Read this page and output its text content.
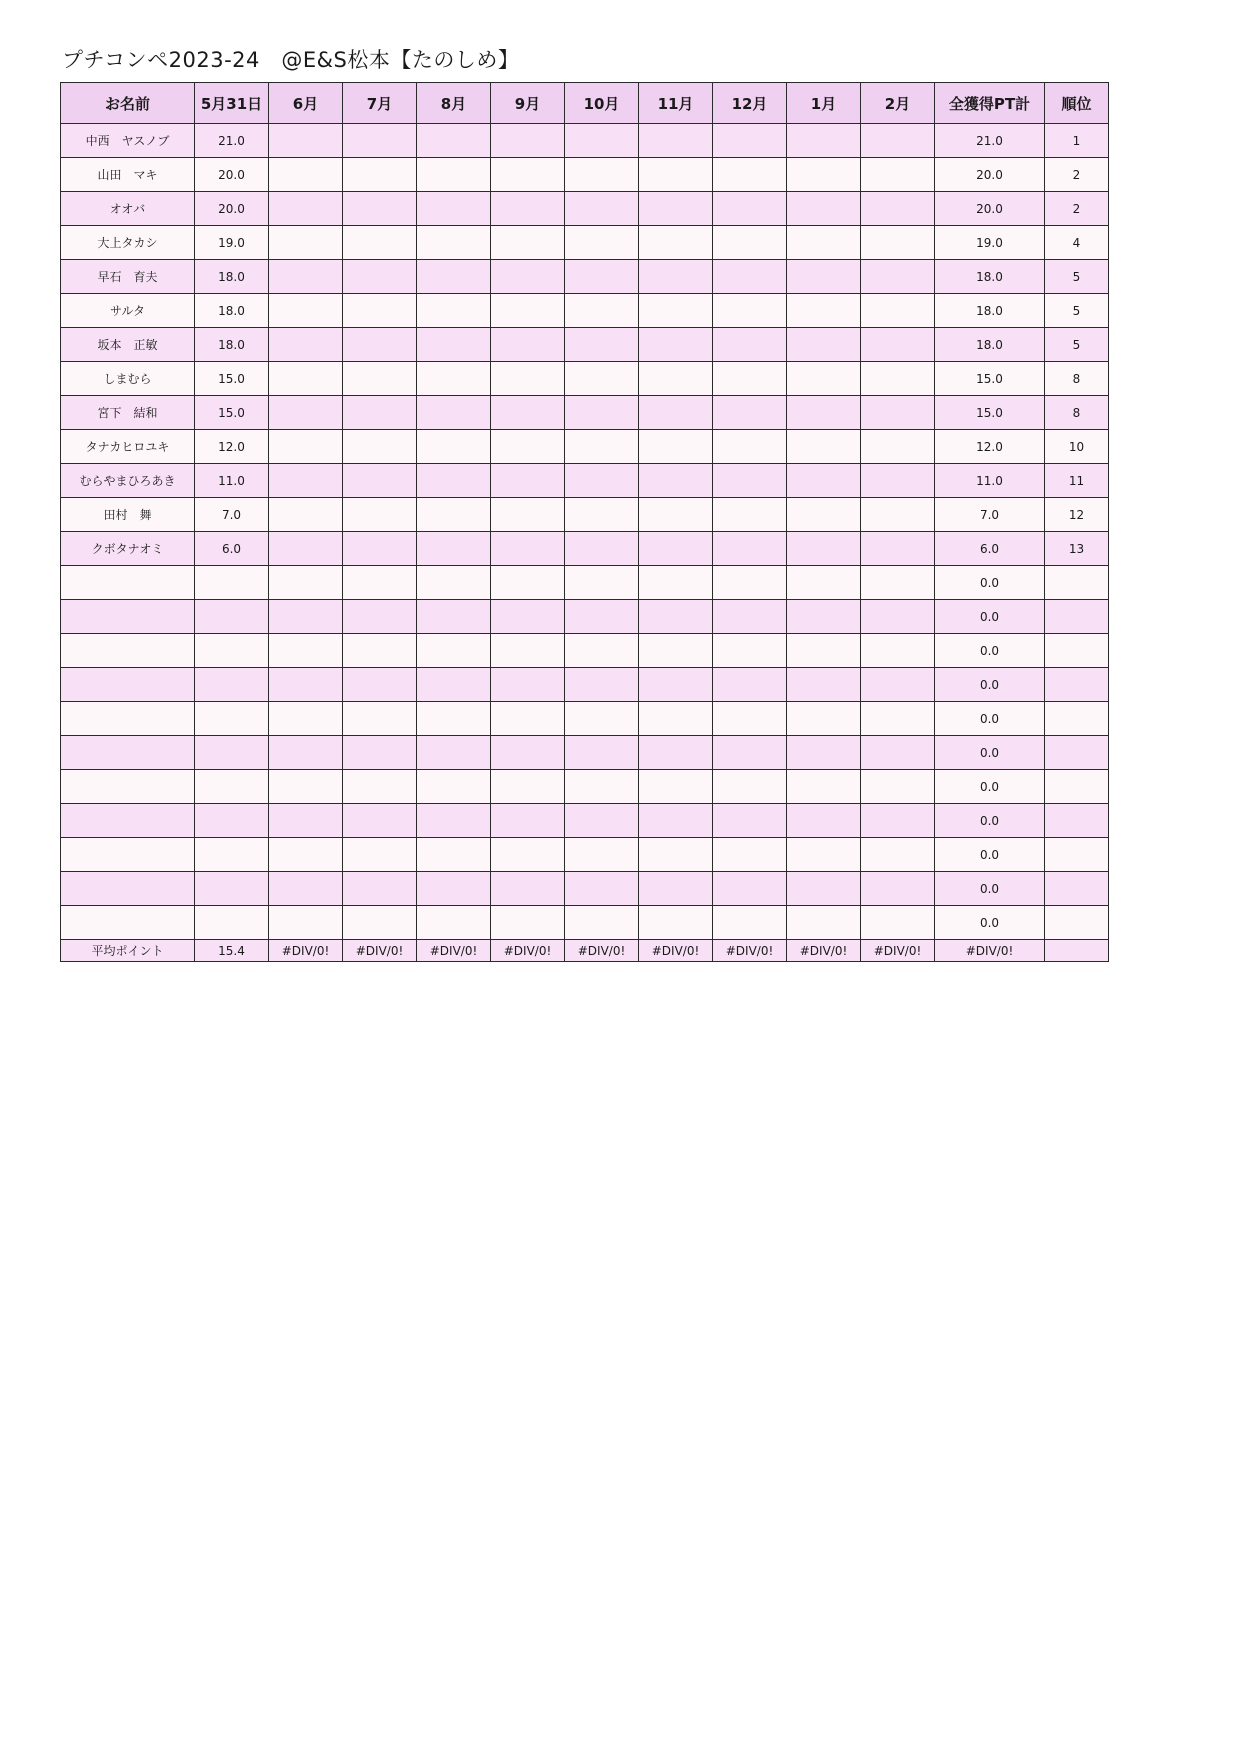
プチコンペ2023-24　@E&S松本【たのしめ】
お名前	5月31日	6月	7月	8月	9月	10月	11月	12月	1月	2月	全獲得PT計	順位
中西　ヤスノブ	21.0										21.0	1
山田　マキ	20.0										20.0	2
オオバ	20.0										20.0	2
大上タカシ	19.0										19.0	4
早石　育夫	18.0										18.0	5
サルタ	18.0										18.0	5
坂本　正敏	18.0										18.0	5
しまむら	15.0										15.0	8
宮下　結和	15.0										15.0	8
タナカヒロユキ	12.0										12.0	10
むらやまひろあき	11.0										11.0	11
田村　舞	7.0										7.0	12
クボタナオミ	6.0										6.0	13
											0.0	
											0.0	
											0.0	
											0.0	
											0.0	
											0.0	
											0.0	
											0.0	
											0.0	
											0.0	
											0.0	
平均ポイント	15.4	#DIV/0!	#DIV/0!	#DIV/0!	#DIV/0!	#DIV/0!	#DIV/0!	#DIV/0!	#DIV/0!	#DIV/0!	#DIV/0!	
